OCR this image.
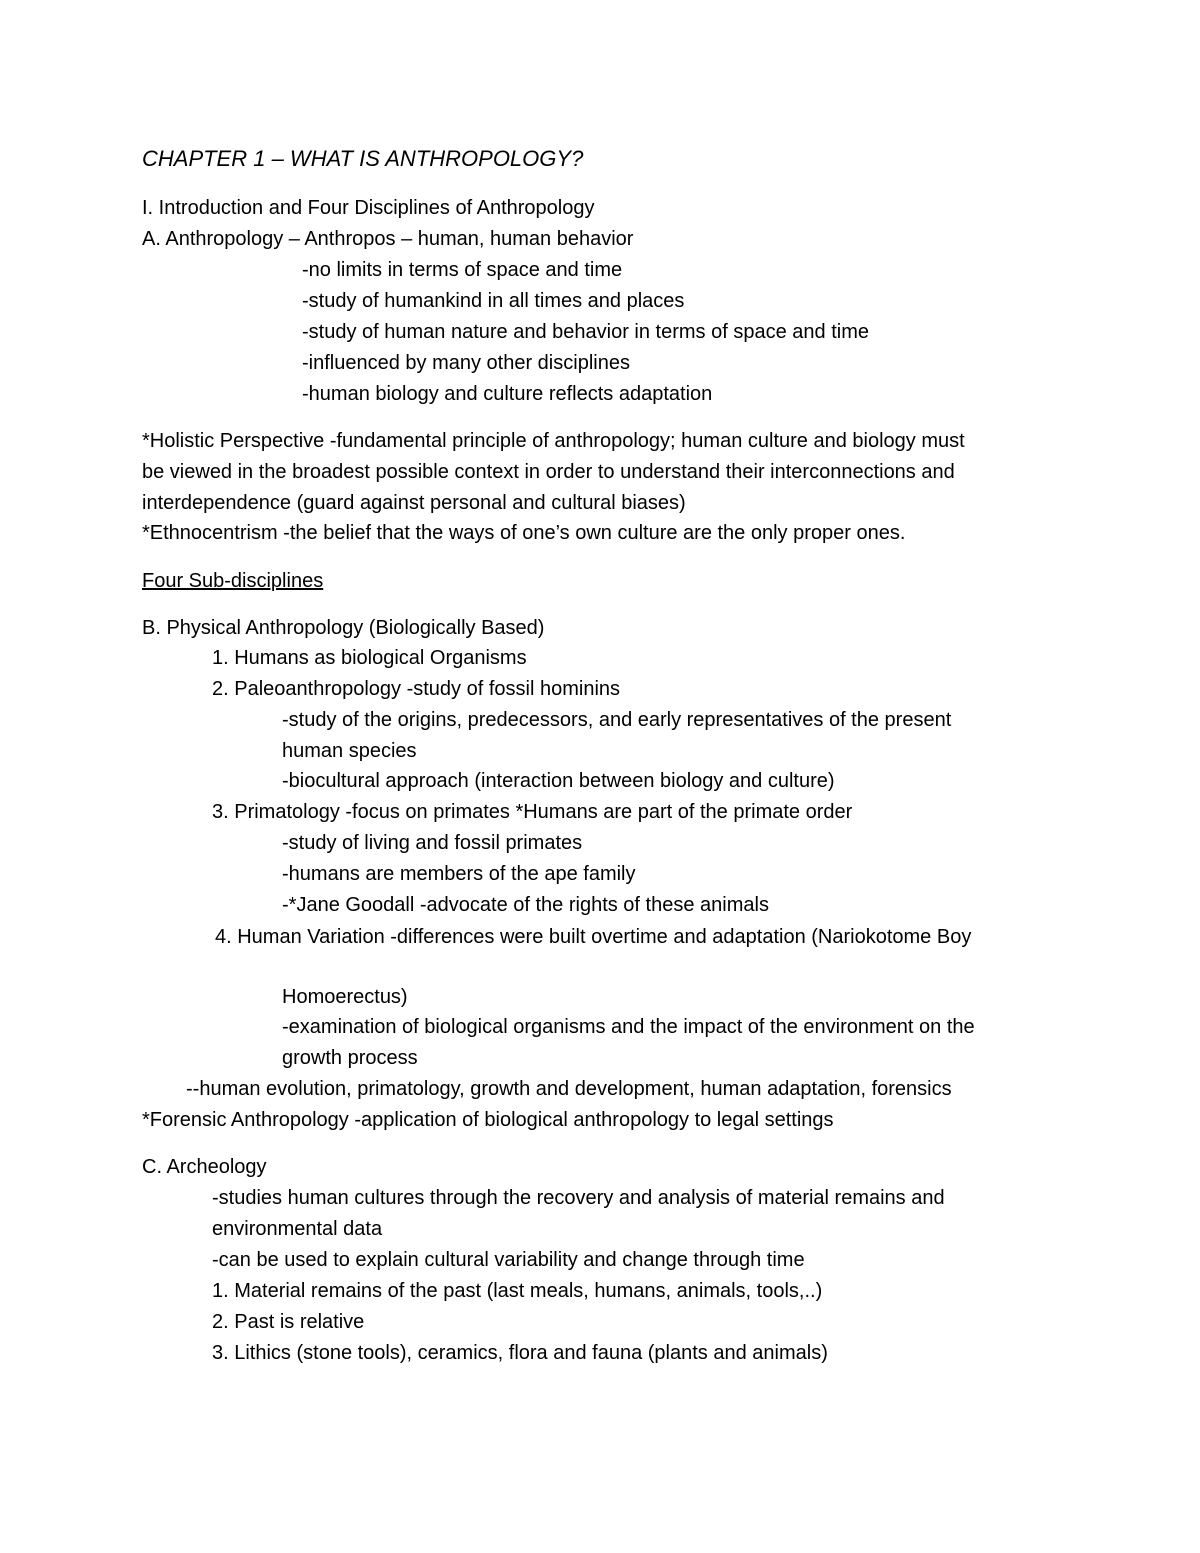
CHAPTER 1 – WHAT IS ANTHROPOLOGY?

I. Introduction and Four Disciplines of Anthropology

A. Anthropology – Anthropos – human, human behavior

-no limits in terms of space and time

-study of humankind in all times and places

-study of human nature and behavior in terms of space and time

-influenced by many other disciplines

-human biology and culture reflects adaptation

*Holistic Perspective -fundamental principle of anthropology; human culture and biology must

be viewed in the broadest possible context in order to understand their interconnections and

interdependence (guard against personal and cultural biases)

*Ethnocentrism -the belief that the ways of one’s own culture are the only proper ones.

Four Sub-disciplines

B. Physical Anthropology (Biologically Based)

1. Humans as biological Organisms

2. Paleoanthropology -study of fossil hominins

-study of the origins, predecessors, and early representatives of the present

human species

-biocultural approach (interaction between biology and culture)

3. Primatology -focus on primates *Humans are part of the primate order

-study of living and fossil primates

-humans are members of the ape family

-*Jane Goodall -advocate of the rights of these animals

4. Human Variation -differences were built overtime and adaptation (Nariokotome Boy

Homoerectus)

-examination of biological organisms and the impact of the environment on the

growth process

--human evolution, primatology, growth and development, human adaptation, forensics

*Forensic Anthropology -application of biological anthropology to legal settings

C. Archeology

-studies human cultures through the recovery and analysis of material remains and

environmental data

-can be used to explain cultural variability and change through time

1. Material remains of the past (last meals, humans, animals, tools,..)

2. Past is relative

3. Lithics (stone tools), ceramics, flora and fauna (plants and animals)
